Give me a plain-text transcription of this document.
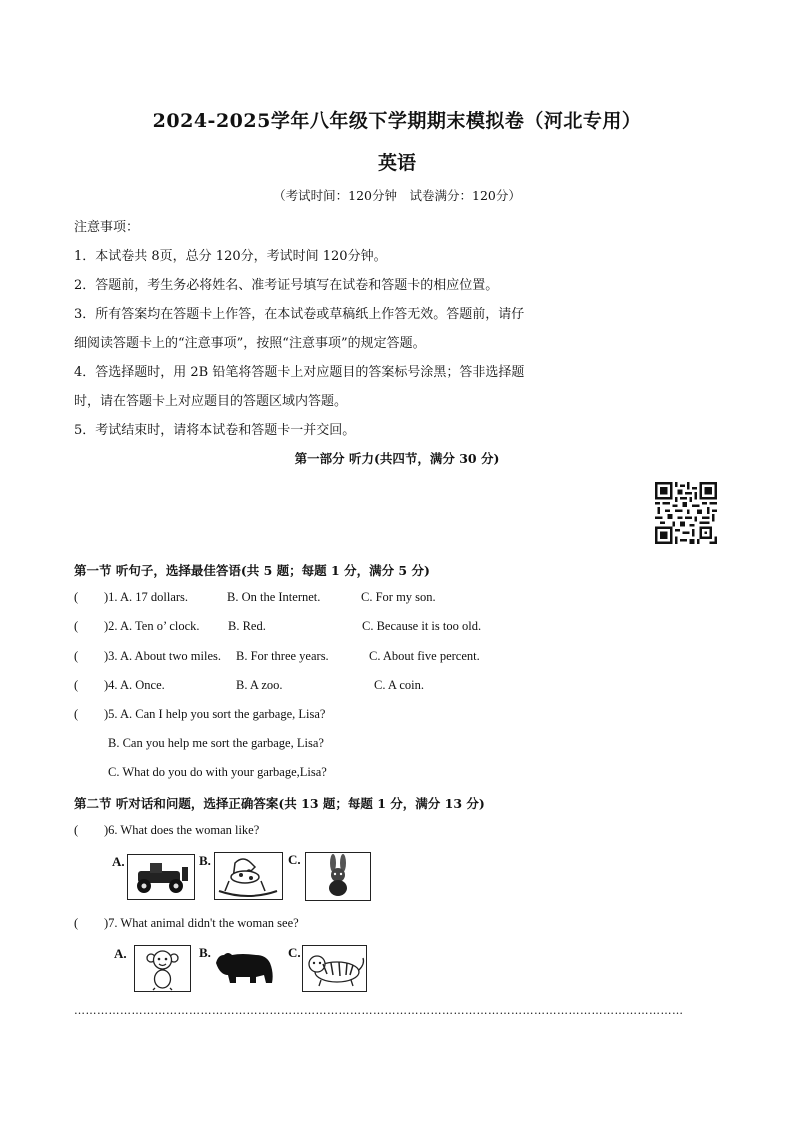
2024-2025学年八年级下学期期末模拟卷（河北专用）
英语
（考试时间：120分钟　试卷满分：120分）
注意事项：
1．本试卷共 8页，总分 120分，考试时间 120分钟。
2．答题前，考生务必将姓名、准考证号填写在试卷和答题卡的相应位置。
3．所有答案均在答题卡上作答，在本试卷或草稿纸上作答无效。答题前，请仔
细阅读答题卡上的“注意事项”，按照“注意事项”的规定答题。
4．答选择题时，用 2B 铅笔将答题卡上对应题目的答案标号涂黑；答非选择题
时，请在答题卡上对应题目的答题区域内答题。
5．考试结束时，请将本试卷和答题卡一并交回。
第一部分 听力(共四节，满分 30 分)
第一节 听句子，选择最佳答语(共 5 题；每题 1 分，满分 5 分)
( )1. A. 17 dollars.	B. On the Internet.	C. For my son.
( )2. A. Ten o’ clock. B. Red.	C. Because it is too old.
( )3. A. About two miles. B. For three years.	C. About five percent.
( )4. A. Once.	B. A zoo.	C. A coin.
( )5. A. Can I help you sort the garbage, Lisa?
B. Can you help me sort the garbage, Lisa?
C. What do you do with your garbage,Lisa?
第二节 听对话和问题，选择正确答案(共 13 题；每题 1 分，满分 13 分)
( )6. What does the woman like?
A.	B.	C.
( )7. What animal didn't the woman see?
A.	B.	C.
……………………………………………………………………………………………………………………………………………
